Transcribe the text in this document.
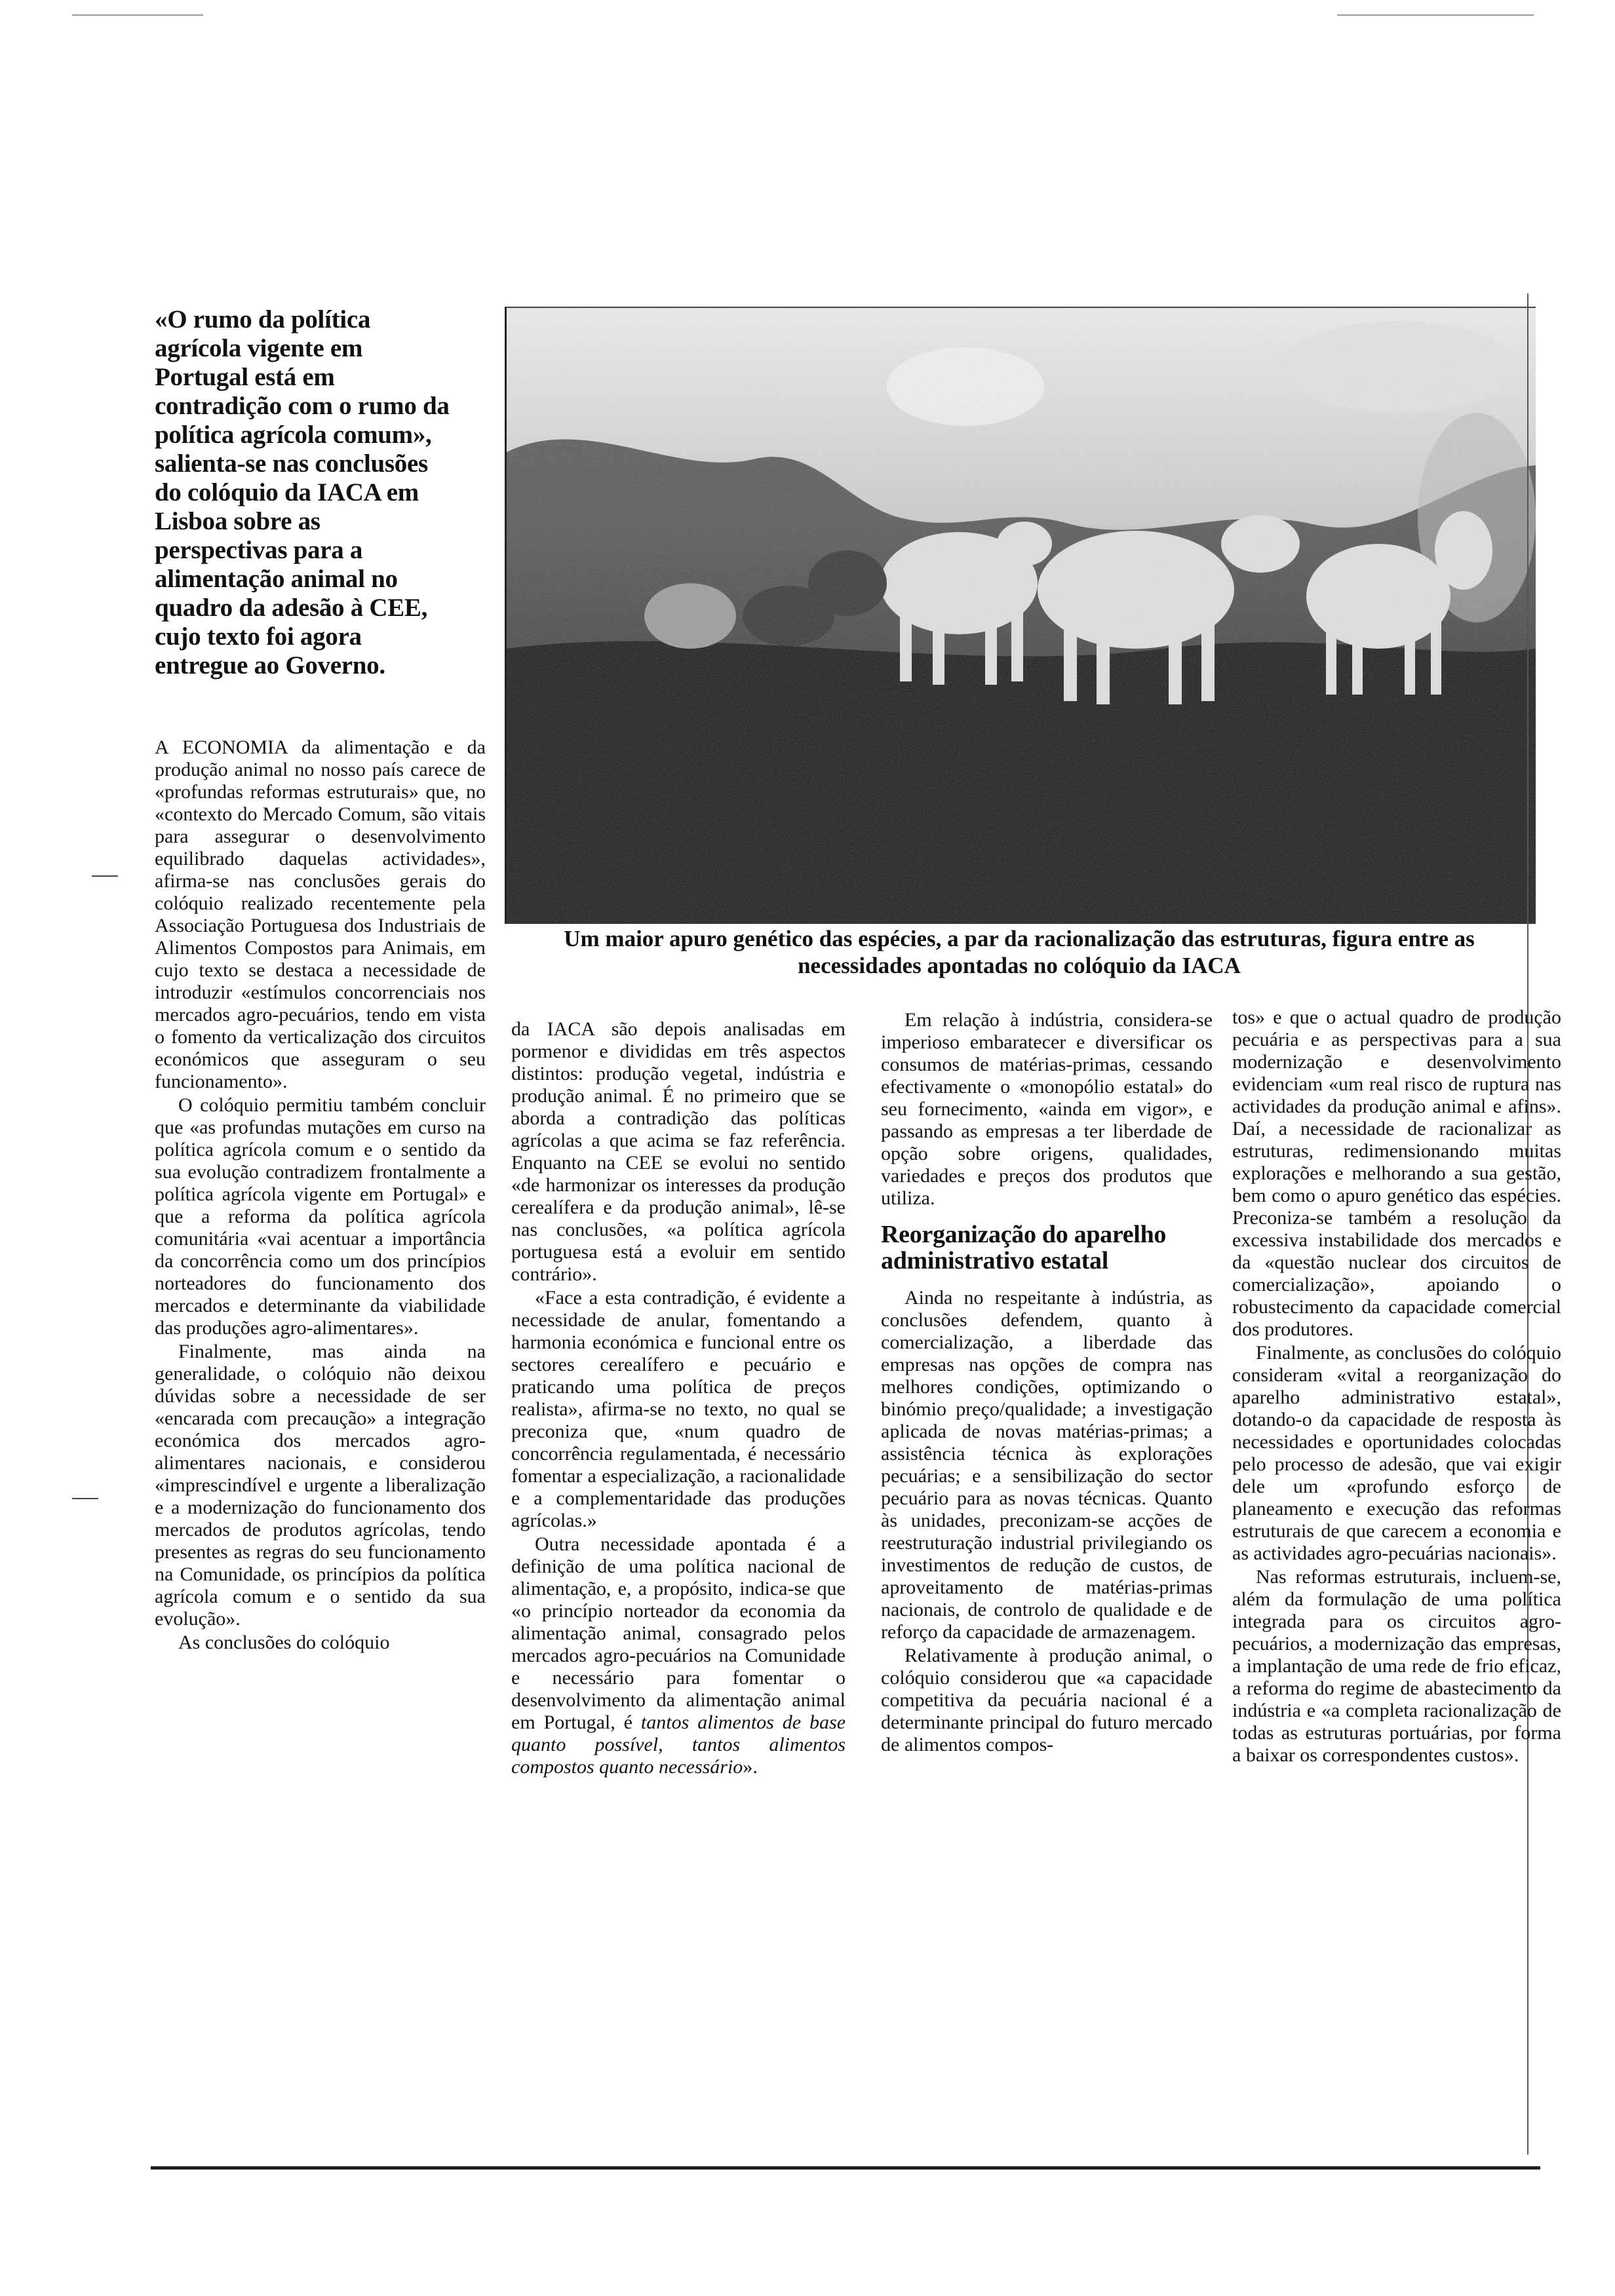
«O rumo da política agrícola vigente em Portugal está em contradição com o rumo da política agrícola comum», salienta-se nas conclusões do colóquio da IACA em Lisboa sobre as perspectivas para a alimentação animal no quadro da adesão à CEE, cujo texto foi agora entregue ao Governo.
Um maior apuro genético das espécies, a par da racionalização das estruturas, figura entre as necessidades apontadas no colóquio da IACA

A ECONOMIA da alimentação e da produção animal no nosso país carece de «profundas reformas estruturais» que, no «contexto do Mercado Comum, são vitais para assegurar o desenvolvimento equilibrado daquelas actividades», afirma-se nas conclusões gerais do colóquio realizado recentemente pela Associação Portuguesa dos Industriais de Alimentos Compostos para Animais, em cujo texto se destaca a necessidade de introduzir «estímulos concorrenciais nos mercados agro-pecuários, tendo em vista o fomento da verticalização dos circuitos económicos que asseguram o seu funcionamento».

O colóquio permitiu também concluir que «as profundas mutações em curso na política agrícola comum e o sentido da sua evolução contradizem frontalmente a política agrícola vigente em Portugal» e que a reforma da política agrícola comunitária «vai acentuar a importância da concorrência como um dos princípios norteadores do funcionamento dos mercados e determinante da viabilidade das produções agro-alimentares».

Finalmente, mas ainda na generalidade, o colóquio não deixou dúvidas sobre a necessidade de ser «encarada com precaução» a integração económica dos mercados agro-alimentares nacionais, e considerou «imprescindível e urgente a liberalização e a modernização do funcionamento dos mercados de produtos agrícolas, tendo presentes as regras do seu funcionamento na Comunidade, os princípios da política agrícola comum e o sentido da sua evolução».

As conclusões do colóquio

da IACA são depois analisadas em pormenor e divididas em três aspectos distintos: produção vegetal, indústria e produção animal. É no primeiro que se aborda a contradição das políticas agrícolas a que acima se faz referência. Enquanto na CEE se evolui no sentido «de harmonizar os interesses da produção cerealífera e da produção animal», lê-se nas conclusões, «a política agrícola portuguesa está a evoluir em sentido contrário».

«Face a esta contradição, é evidente a necessidade de anular, fomentando a harmonia económica e funcional entre os sectores cerealífero e pecuário e praticando uma política de preços realista», afirma-se no texto, no qual se preconiza que, «num quadro de concorrência regulamentada, é necessário fomentar a especialização, a racionalidade e a complementaridade das produções agrícolas.»

Outra necessidade apontada é a definição de uma política nacional de alimentação, e, a propósito, indica-se que «o princípio norteador da economia da alimentação animal, consagrado pelos mercados agro-pecuários na Comunidade e necessário para fomentar o desenvolvimento da alimentação animal em Portugal, é tantos alimentos de base quanto possível, tantos alimentos compostos quanto necessário».

Em relação à indústria, considera-se imperioso embaratecer e diversificar os consumos de matérias-primas, cessando efectivamente o «monopólio estatal» do seu fornecimento, «ainda em vigor», e passando as empresas a ter liberdade de opção sobre origens, qualidades, variedades e preços dos produtos que utiliza.

Reorganização do aparelho administrativo estatal

Ainda no respeitante à indústria, as conclusões defendem, quanto à comercialização, a liberdade das empresas nas opções de compra nas melhores condições, optimizando o binómio preço/qualidade; a investigação aplicada de novas matérias-primas; a assistência técnica às explorações pecuárias; e a sensibilização do sector pecuário para as novas técnicas. Quanto às unidades, preconizam-se acções de reestruturação industrial privilegiando os investimentos de redução de custos, de aproveitamento de matérias-primas nacionais, de controlo de qualidade e de reforço da capacidade de armazenagem.

Relativamente à produção animal, o colóquio considerou que «a capacidade competitiva da pecuária nacional é a determinante principal do futuro mercado de alimentos compos-

tos» e que o actual quadro de produção pecuária e as perspectivas para a sua modernização e desenvolvimento evidenciam «um real risco de ruptura nas actividades da produção animal e afins». Daí, a necessidade de racionalizar as estruturas, redimensionando muitas explorações e melhorando a sua gestão, bem como o apuro genético das espécies. Preconiza-se também a resolução da excessiva instabilidade dos mercados e da «questão nuclear dos circuitos de comercialização», apoiando o robustecimento da capacidade comercial dos produtores.

Finalmente, as conclusões do colóquio consideram «vital a reorganização do aparelho administrativo estatal», dotando-o da capacidade de resposta às necessidades e oportunidades colocadas pelo processo de adesão, que vai exigir dele um «profundo esforço de planeamento e execução das reformas estruturais de que carecem a economia e as actividades agro-pecuárias nacionais».

Nas reformas estruturais, incluem-se, além da formulação de uma política integrada para os circuitos agro-pecuários, a modernização das empresas, a implantação de uma rede de frio eficaz, a reforma do regime de abastecimento da indústria e «a completa racionalização de todas as estruturas portuárias, por forma a baixar os correspondentes custos».
